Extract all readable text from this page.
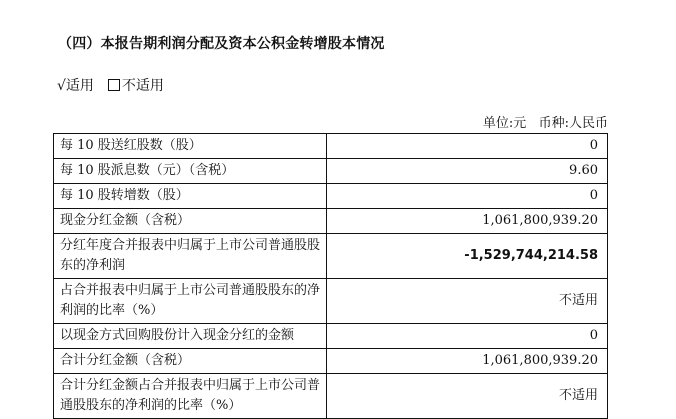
（四）本报告期利润分配及资本公积金转增股本情况
√适用 不适用
单位:元   币种:人民币
每 10 股送红股数（股）	0
每 10 股派息数（元）（含税）	9.60
每 10 股转增数（股）	0
现金分红金额（含税）	1,061,800,939.20
分红年度合并报表中归属于上市公司普通股股东的净利润	-1,529,744,214.58
占合并报表中归属于上市公司普通股股东的净利润的比率（%）	不适用
以现金方式回购股份计入现金分红的金额	0
合计分红金额（含税）	1,061,800,939.20
合计分红金额占合并报表中归属于上市公司普通股股东的净利润的比率（%）	不适用
